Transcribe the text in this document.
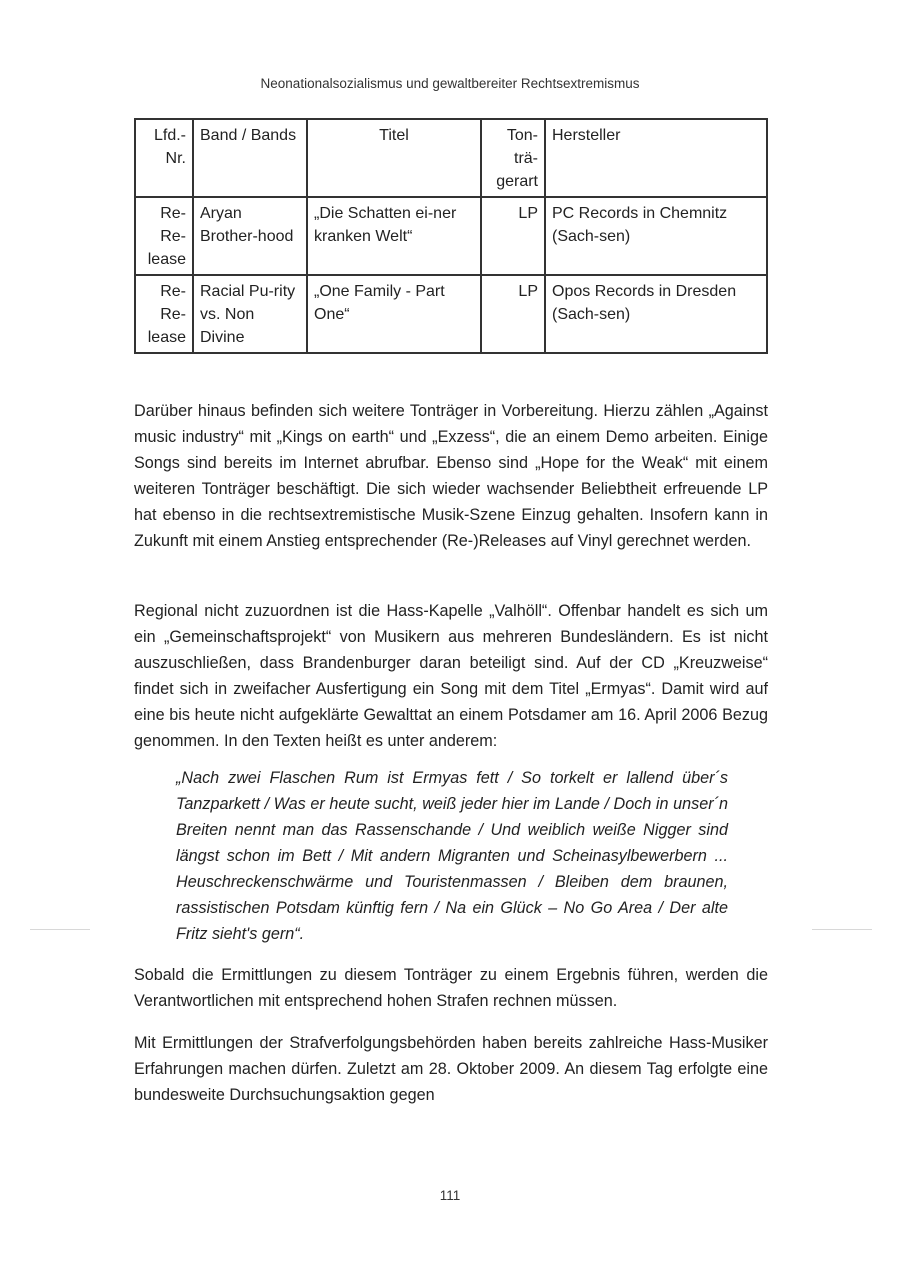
Neonationalsozialismus und gewaltbereiter Rechtsextremismus
Lfd.-Nr.	Band / Bands	Titel	Ton-trä-gerart	Hersteller
Re-Re-lease	Aryan Brother-hood	„Die Schatten ei-ner kranken Welt“	LP	PC Records in Chemnitz (Sach-sen)
Re-Re-lease	Racial Pu-rity vs. Non Divine	„One Family - Part One“	LP	Opos Records in Dresden (Sach-sen)

Darüber hinaus befinden sich weitere Tonträger in Vorbereitung. Hierzu zählen „Against music industry“ mit „Kings on earth“ und „Exzess“, die an einem Demo arbeiten. Einige Songs sind bereits im Internet abrufbar. Ebenso sind „Hope for the Weak“ mit einem weiteren Tonträger beschäftigt. Die sich wieder wachsender Beliebtheit erfreuende LP hat ebenso in die rechtsextremistische Musik-Szene Einzug gehalten. Insofern kann in Zukunft mit einem Anstieg entsprechender (Re-)Releases auf Vinyl gerechnet werden.

Regional nicht zuzuordnen ist die Hass-Kapelle „Valhöll“. Offenbar handelt es sich um ein „Gemeinschaftsprojekt“ von Musikern aus mehreren Bundesländern. Es ist nicht auszuschließen, dass Brandenburger daran beteiligt sind. Auf der CD „Kreuzweise“ findet sich in zweifacher Ausfertigung ein Song mit dem Titel „Ermyas“. Damit wird auf eine bis heute nicht aufgeklärte Gewalttat an einem Potsdamer am 16. April 2006 Bezug genommen. In den Texten heißt es unter anderem:

„Nach zwei Flaschen Rum ist Ermyas fett / So torkelt er lallend über´s Tanzparkett / Was er heute sucht, weiß jeder hier im Lande / Doch in unser´n Breiten nennt man das Rassenschande / Und weiblich weiße Nigger sind längst schon im Bett / Mit andern Migranten und Scheinasylbewerbern ... Heuschreckenschwärme und Touristenmassen / Bleiben dem braunen, rassistischen Potsdam künftig fern / Na ein Glück – No Go Area / Der alte Fritz sieht's gern“.

Sobald die Ermittlungen zu diesem Tonträger zu einem Ergebnis führen, werden die Verantwortlichen mit entsprechend hohen Strafen rechnen müssen.

Mit Ermittlungen der Strafverfolgungsbehörden haben bereits zahlreiche Hass-Musiker Erfahrungen machen dürfen. Zuletzt am 28. Oktober 2009. An diesem Tag erfolgte eine bundesweite Durchsuchungsaktion gegen

111
